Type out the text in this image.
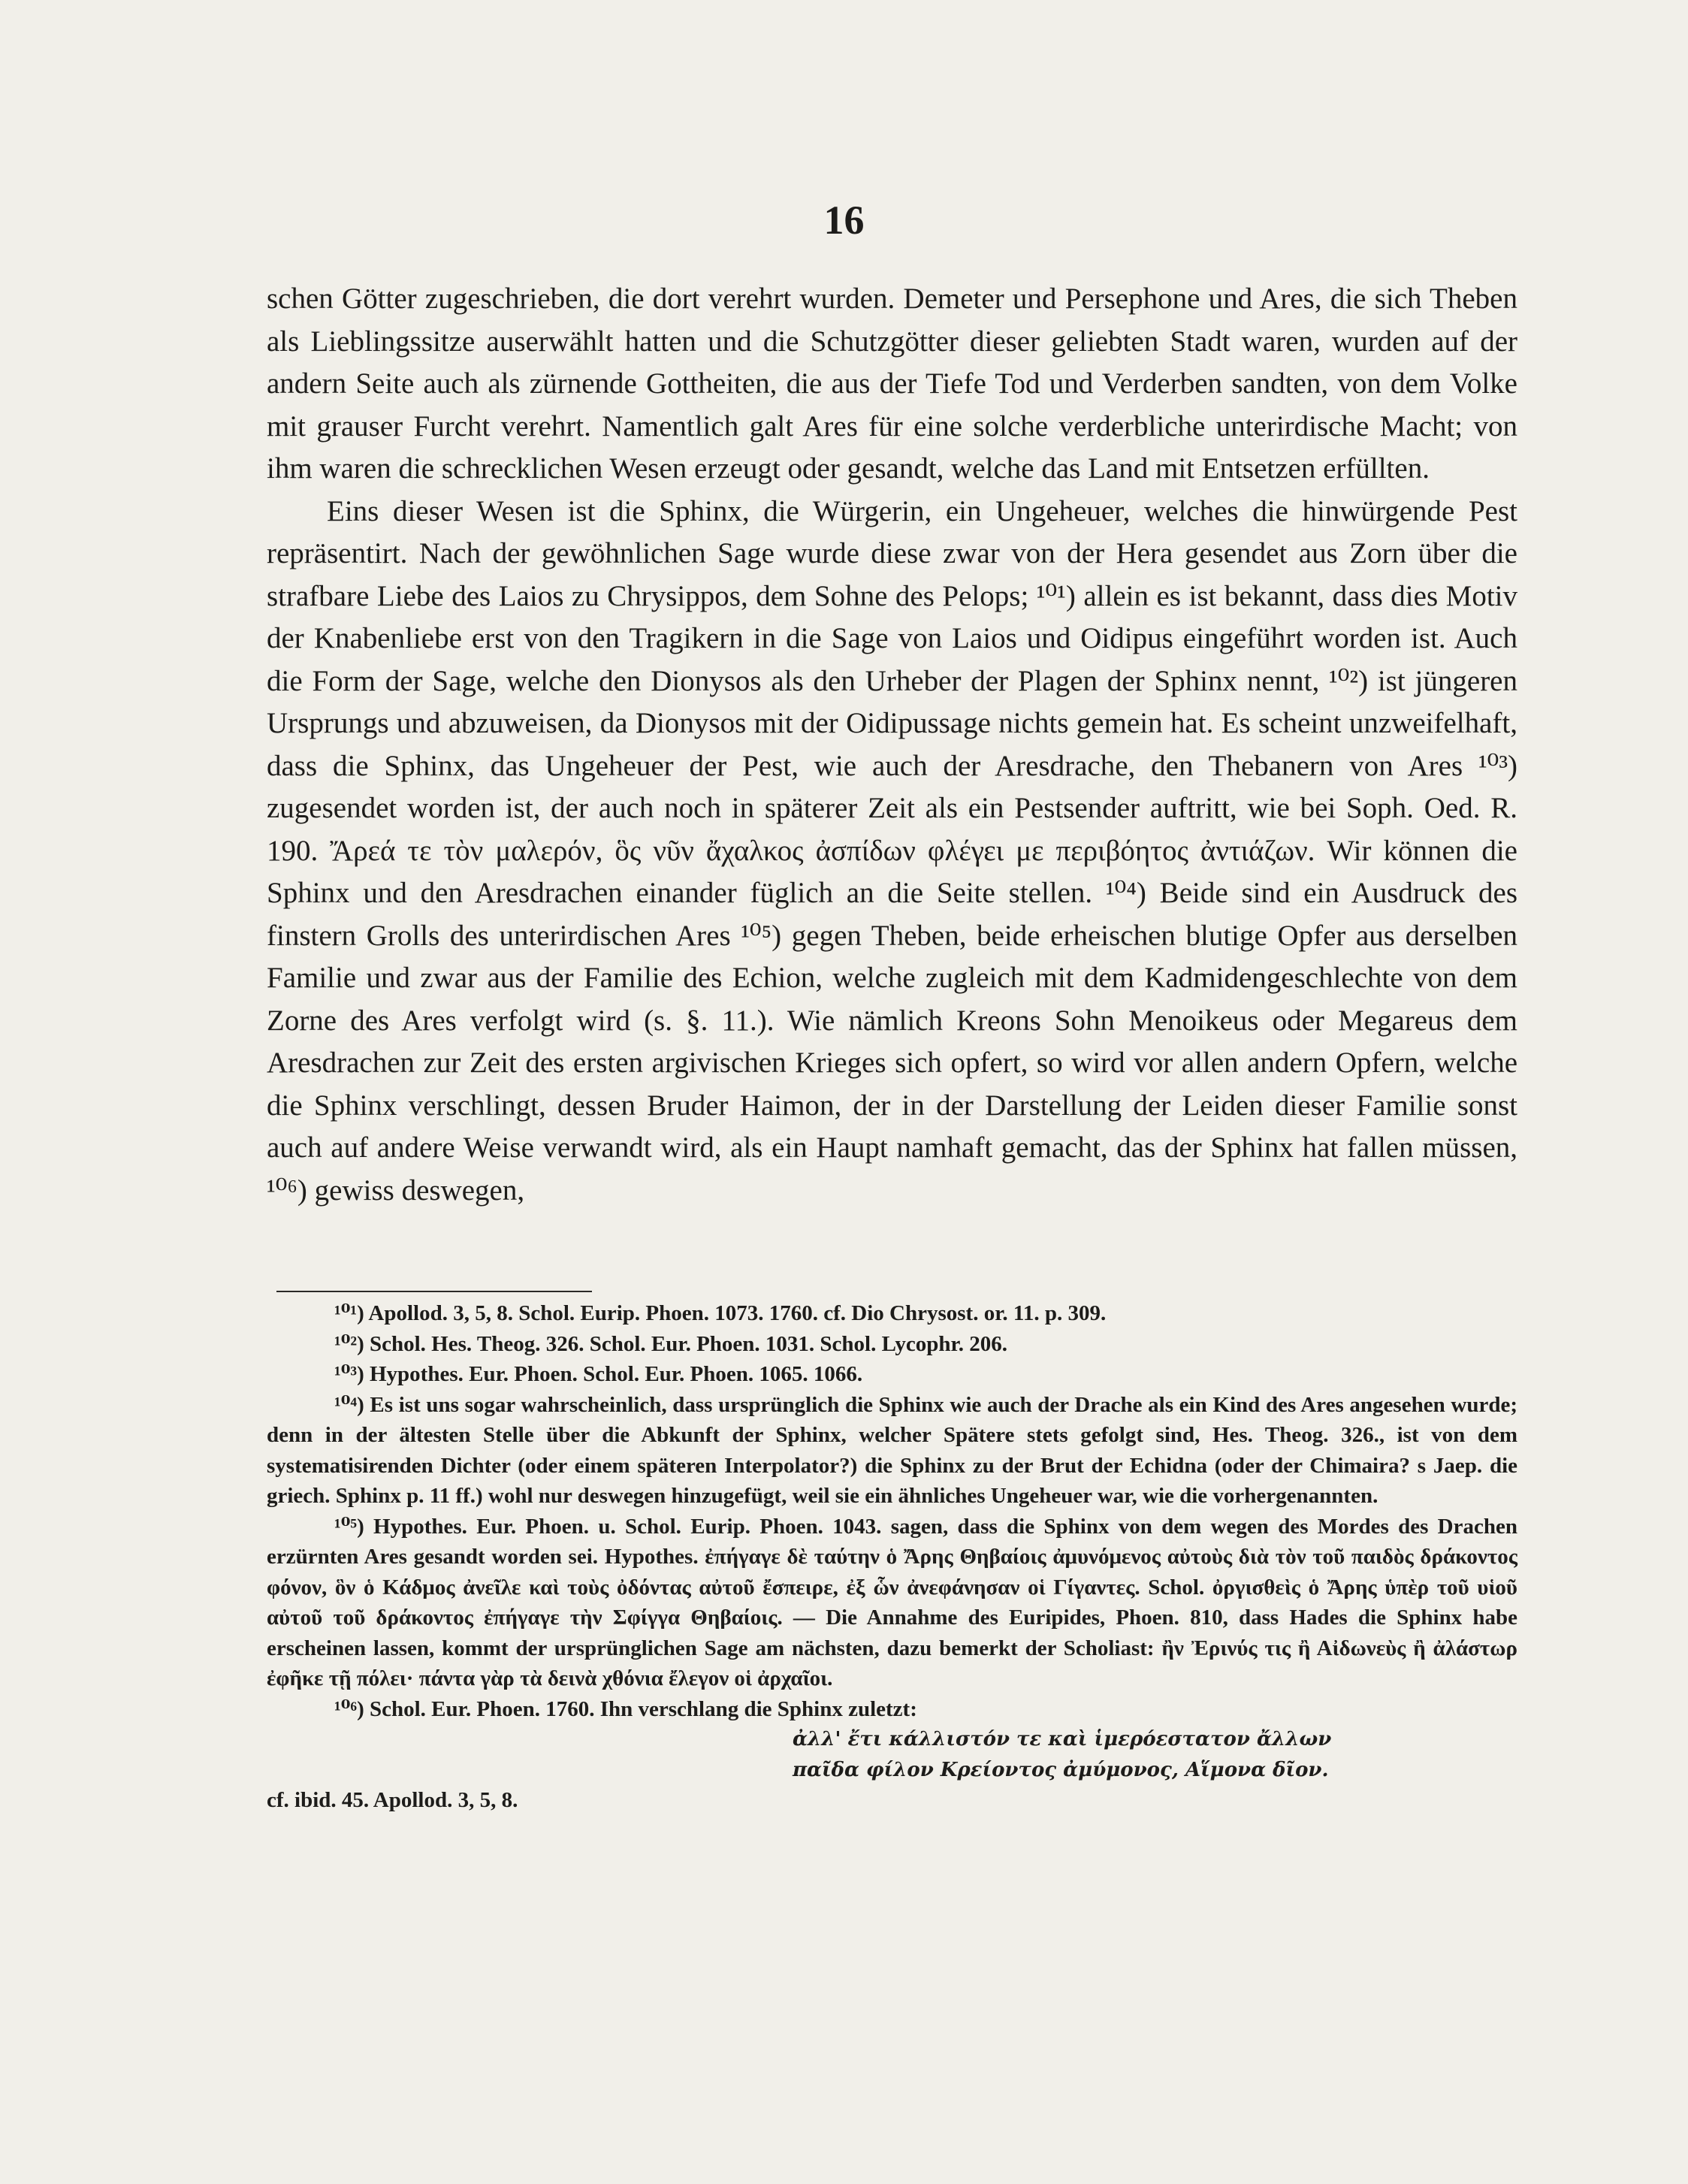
16

schen Götter zugeschrieben, die dort verehrt wurden. Demeter und Persephone und Ares, die sich Theben als Lieblingssitze auserwählt hatten und die Schutzgötter dieser geliebten Stadt waren, wurden auf der andern Seite auch als zürnende Gottheiten, die aus der Tiefe Tod und Verderben sandten, von dem Volke mit grauser Furcht verehrt. Namentlich galt Ares für eine solche verderbliche unterirdische Macht; von ihm waren die schrecklichen Wesen erzeugt oder gesandt, welche das Land mit Entsetzen erfüllten.

Eins dieser Wesen ist die Sphinx, die Würgerin, ein Ungeheuer, welches die hinwürgende Pest repräsentirt. Nach der gewöhnlichen Sage wurde diese zwar von der Hera gesendet aus Zorn über die strafbare Liebe des Laios zu Chrysippos, dem Sohne des Pelops; ¹⁰¹) allein es ist bekannt, dass dies Motiv der Knabenliebe erst von den Tragikern in die Sage von Laios und Oidipus eingeführt worden ist. Auch die Form der Sage, welche den Dionysos als den Urheber der Plagen der Sphinx nennt, ¹⁰²) ist jüngeren Ursprungs und abzuweisen, da Dionysos mit der Oidipussage nichts gemein hat. Es scheint unzweifelhaft, dass die Sphinx, das Ungeheuer der Pest, wie auch der Aresdrache, den Thebanern von Ares ¹⁰³) zugesendet worden ist, der auch noch in späterer Zeit als ein Pestsender auftritt, wie bei Soph. Oed. R. 190. Ἄρεά τε τὸν μαλερόν, ὃς νῦν ἄχαλκος ἀσπίδων φλέγει με περιβόητος ἀντιάζων. Wir können die Sphinx und den Aresdrachen einander füglich an die Seite stellen. ¹⁰⁴) Beide sind ein Ausdruck des finstern Grolls des unterirdischen Ares ¹⁰⁵) gegen Theben, beide erheischen blutige Opfer aus derselben Familie und zwar aus der Familie des Echion, welche zugleich mit dem Kadmidengeschlechte von dem Zorne des Ares verfolgt wird (s. §. 11.). Wie nämlich Kreons Sohn Menoikeus oder Megareus dem Aresdrachen zur Zeit des ersten argivischen Krieges sich opfert, so wird vor allen andern Opfern, welche die Sphinx verschlingt, dessen Bruder Haimon, der in der Darstellung der Leiden dieser Familie sonst auch auf andere Weise verwandt wird, als ein Haupt namhaft gemacht, das der Sphinx hat fallen müssen, ¹⁰⁶) gewiss deswegen,

¹⁰¹) Apollod. 3, 5, 8. Schol. Eurip. Phoen. 1073. 1760. cf. Dio Chrysost. or. 11. p. 309.

¹⁰²) Schol. Hes. Theog. 326. Schol. Eur. Phoen. 1031. Schol. Lycophr. 206.

¹⁰³) Hypothes. Eur. Phoen. Schol. Eur. Phoen. 1065. 1066.

¹⁰⁴) Es ist uns sogar wahrscheinlich, dass ursprünglich die Sphinx wie auch der Drache als ein Kind des Ares angesehen wurde; denn in der ältesten Stelle über die Abkunft der Sphinx, welcher Spätere stets gefolgt sind, Hes. Theog. 326., ist von dem systematisirenden Dichter (oder einem späteren Interpolator?) die Sphinx zu der Brut der Echidna (oder der Chimaira? s Jaep. die griech. Sphinx p. 11 ff.) wohl nur deswegen hinzugefügt, weil sie ein ähnliches Ungeheuer war, wie die vorhergenannten.

¹⁰⁵) Hypothes. Eur. Phoen. u. Schol. Eurip. Phoen. 1043. sagen, dass die Sphinx von dem wegen des Mordes des Drachen erzürnten Ares gesandt worden sei. Hypothes. ἐπήγαγε δὲ ταύτην ὁ Ἄρης Θηβαίοις ἀμυνόμενος αὐτοὺς διὰ τὸν τοῦ παιδὸς δράκοντος φόνον, ὃν ὁ Κάδμος ἀνεῖλε καὶ τοὺς ὀδόντας αὐτοῦ ἔσπειρε, ἐξ ὧν ἀνεφάνησαν οἱ Γίγαντες. Schol. ὀργισθεὶς ὁ Ἄρης ὑπὲρ τοῦ υἱοῦ αὐτοῦ τοῦ δράκοντος ἐπήγαγε τὴν Σφίγγα Θηβαίοις. — Die Annahme des Euripides, Phoen. 810, dass Hades die Sphinx habe erscheinen lassen, kommt der ursprünglichen Sage am nächsten, dazu bemerkt der Scholiast: ἢν Ἐρινύς τις ἢ Αἰδωνεὺς ἢ ἀλάστωρ ἐφῆκε τῇ πόλει· πάντα γὰρ τὰ δεινὰ χθόνια ἔλεγον οἱ ἀρχαῖοι.

¹⁰⁶) Schol. Eur. Phoen. 1760. Ihn verschlang die Sphinx zuletzt:

ἀλλ' ἔτι κάλλιστόν τε καὶ ἱμερόεστατον ἄλλων

παῖδα φίλον Κρείοντος ἀμύμονος, Αἵμονα δῖον.

cf. ibid. 45. Apollod. 3, 5, 8.
